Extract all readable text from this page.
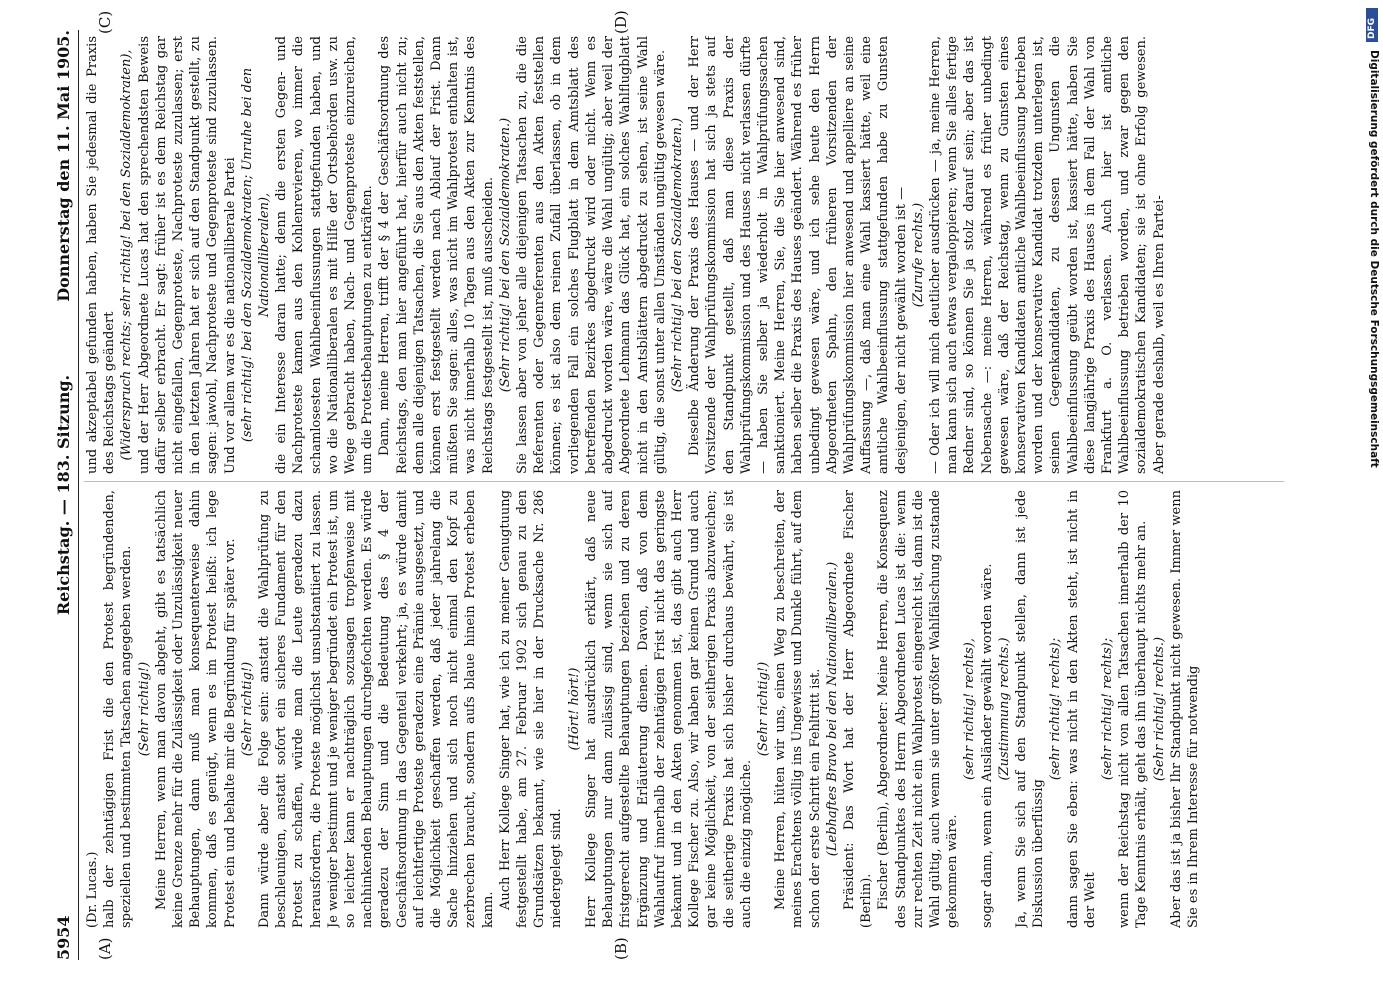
5954
Reichstag. — 183. Sitzung.
Donnerstag den 11. Mai 1905.
(A)	(B)
(C)	(D)

(Dr. Lucas.) halb der zehntägigen Frist die den Protest begründenden, speziellen und bestimmten Tatsachen angegeben werden. (Sehr richtig!) Meine Herren, wenn man davon abgeht, gibt es tatsächlich keine Grenze mehr für die Zulässigkeit oder Unzulässigkeit neuer Behauptungen, dann muß man konsequenterweise dahin kommen, daß es genügt, wenn es im Protest heißt: ich lege Protest ein und behalte mir die Begründung für später vor. (Sehr richtig!) Dann würde aber die Folge sein: anstatt die Wahlprüfung zu beschleunigen, anstatt sofort ein sicheres Fundament für den Protest zu schaffen, würde man die Leute geradezu dazu herausfordern, die Proteste möglichst unsubstantiiert zu lassen. Je weniger bestimmt und je weniger begründet ein Protest ist, um so leichter kann er nachträglich sozusagen tropfenweise mit nachhinkenden Behauptungen durchgefochten werden. Es würde geradezu der Sinn und die Bedeutung des § 4 der Geschäftsordnung in das Gegenteil verkehrt; ja, es würde damit auf leichtfertige Proteste geradezu eine Prämie ausgesetzt, und die Möglichkeit geschaffen werden, daß jeder jahrelang die Sache hinziehen und sich noch nicht einmal den Kopf zu zerbrechen braucht, sondern aufs blaue hinein Protest erheben kann. Auch Herr Kollege Singer hat, wie ich zu meiner Genugtuung festgestellt habe, am 27. Februar 1902 sich genau zu den Grundsätzen bekannt, wie sie hier in der Drucksache Nr. 286 niedergelegt sind.

(Hört! hört!) Herr Kollege Singer hat ausdrücklich erklärt, daß neue Behauptungen nur dann zulässig sind, wenn sie sich auf fristgerecht aufgestellte Behauptungen beziehen und zu deren Ergänzung und Erläuterung dienen. Davon, daß von dem Wahlaufruf innerhalb der zehntägigen Frist nicht das geringste bekannt und in den Akten genommen ist, das gibt auch Herr Kollege Fischer zu. Also, wir haben gar keinen Grund und auch gar keine Möglichkeit, von der seitherigen Praxis abzuweichen; die seitherige Praxis hat sich bisher durchaus bewährt, sie ist auch die einzig mögliche.

(Sehr richtig!) Meine Herren, hüten wir uns, einen Weg zu beschreiten, der meines Erachtens völlig ins Ungewisse und Dunkle führt, auf dem schon der erste Schritt ein Fehltritt ist. (Lebhaftes Bravo bei den Nationalliberalen.) Präsident: Das Wort hat der Herr Abgeordnete Fischer (Berlin). Fischer (Berlin), Abgeordneter: Meine Herren, die Konsequenz des Standpunktes des Herrn Abgeordneten Lucas ist die: wenn zur rechten Zeit nicht ein Wahlprotest eingereicht ist, dann ist die Wahl gültig, auch wenn sie unter größter Wahlfälschung zustande gekommen wäre.

(sehr richtig! rechts), sogar dann, wenn ein Ausländer gewählt worden wäre. (Zustimmung rechts.) Ja, wenn Sie sich auf den Standpunkt stellen, dann ist jede Diskussion überflüssig

(sehr richtig! rechts); dann sagen Sie eben: was nicht in den Akten steht, ist nicht in der Welt

(sehr richtig! rechts); wenn der Reichstag nicht von allen Tatsachen innerhalb der 10 Tage Kenntnis erhält, geht das ihn überhaupt nichts mehr an. (Sehr richtig! rechts.) Aber das ist ja bisher Ihr Standpunkt nicht gewesen. Immer wenn Sie es in Ihrem Interesse für notwendig

und akzeptabel gefunden haben, haben Sie jedesmal die Praxis des Reichstags geändert (Widerspruch rechts; sehr richtig! bei den Sozialdemokraten), und der Herr Abgeordnete Lucas hat den sprechendsten Beweis dafür selber erbracht. Er sagt: früher ist es dem Reichstag gar nicht eingefallen, Gegenproteste, Nachproteste zuzulassen; erst in den letzten Jahren hat er sich auf den Standpunkt gestellt, zu sagen: jawohl, Nachproteste und Gegenproteste sind zuzulassen. Und vor allem war es die nationalliberale Partei (sehr richtig! bei den Sozialdemokraten; Unruhe bei den Nationalliberalen), die ein Interesse daran hatte; denn die ersten Gegen- und Nachproteste kamen aus den Kohlenrevieren, wo immer die schamlosesten Wahlbeeinflussungen stattgefunden haben, und wo die Nationalliberalen es mit Hilfe der Ortsbehörden usw. zu Wege gebracht haben, Nach- und Gegenproteste einzureichen, um die Protestbehauptungen zu entkräften. Dann, meine Herren, trifft der § 4 der Geschäftsordnung des Reichstags, den man hier angeführt hat, hierfür auch nicht zu; denn alle diejenigen Tatsachen, die Sie aus den Akten feststellen, können erst festgestellt werden nach Ablauf der Frist. Dann müßten Sie sagen: alles, was nicht im Wahlprotest enthalten ist, was nicht innerhalb 10 Tagen aus den Akten zur Kenntnis des Reichstags festgestellt ist, muß ausscheiden. (Sehr richtig! bei den Sozialdemokraten.) Sie lassen aber von jeher alle diejenigen Tatsachen zu, die die Referenten oder Gegenreferenten aus den Akten feststellen können; es ist also dem reinen Zufall überlassen, ob in dem vorliegenden Fall ein solches Flugblatt in dem Amtsblatt des betreffenden Bezirkes abgedruckt wird oder nicht. Wenn es abgedruckt worden wäre, wäre die Wahl ungültig; aber weil der Abgeordnete Lehmann das Glück hat, ein solches Wahlflugblatt nicht in den Amtsblättern abgedruckt zu sehen, ist seine Wahl gültig, die sonst unter allen Umständen ungültig gewesen wäre. (Sehr richtig! bei den Sozialdemokraten.) Dieselbe Änderung der Praxis des Hauses — und der Herr Vorsitzende der Wahlprüfungskommission hat sich ja stets auf den Standpunkt gestellt, daß man diese Praxis der Wahlprüfungskommission und des Hauses nicht verlassen dürfte — haben Sie selber ja wiederholt in Wahlprüfungssachen sanktioniert. Meine Herren, Sie, die Sie hier anwesend sind, haben selber die Praxis des Hauses geändert. Während es früher unbedingt gewesen wäre, und ich sehe heute den Herrn Abgeordneten Spahn, den früheren Vorsitzenden der Wahlprüfungskommission hier anwesend und appelliere an seine Auffassung —, daß man eine Wahl kassiert hätte, weil eine amtliche Wahlbeeinflussung stattgefunden habe zu Gunsten desjenigen, der nicht gewählt worden ist — (Zurufe rechts.) — Oder ich will mich deutlicher ausdrücken — ja, meine Herren, man kann sich auch etwas vergaloppieren; wenn Sie alles fertige Redner sind, so können Sie ja stolz darauf sein; aber das ist Nebensache —: meine Herren, während es früher unbedingt gewesen wäre, daß der Reichstag, wenn zu Gunsten eines konservativen Kandidaten amtliche Wahlbeeinflussung betrieben worden und der konservative Kandidat trotzdem unterlegen ist, seinen Gegenkandidaten, zu dessen Ungunsten die Wahlbeeinflussung geübt worden ist, kassiert hätte, haben Sie diese langjährige Praxis des Hauses in dem Fall der Wahl von Frankfurt a. O. verlassen. Auch hier ist amtliche Wahlbeeinflussung betrieben worden, und zwar gegen den sozialdemokratischen Kandidaten; sie ist ohne Erfolg gewesen. Aber gerade deshalb, weil es Ihren Partei-

DFG
Digitalisierung gefördert durch die Deutsche Forschungsgemeinschaft
